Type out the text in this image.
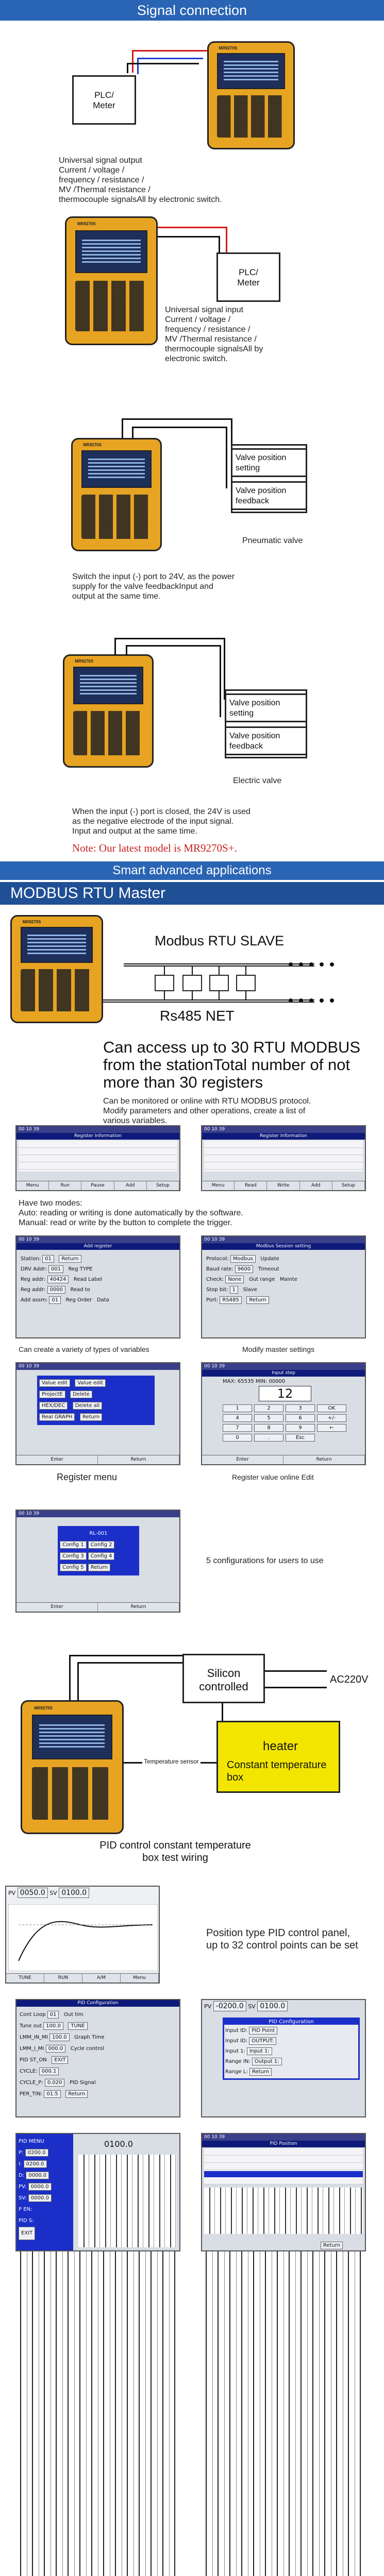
Signal connection
PLC/
Meter
MR9270S
Universal signal output
Current / voltage /
frequency / resistance /
MV /Thermal resistance /
thermocouple signalsAll by electronic switch.
MR9270S
PLC/
Meter
Universal signal input
Current / voltage /
frequency / resistance /
MV /Thermal resistance /
thermocouple signalsAll by
electronic switch.
MR9270S
Valve position
setting
Valve position
feedback
Pneumatic valve
Switch the input (-) port to 24V, as the power
supply for the valve feedbackInput and
output at the same time.
MR9270S
Valve position
setting
Valve position
feedback
Electric valve
When the input (-) port is closed, the 24V is used
as the negative electrode of the input signal.
Input and output at the same time.
Note: Our latest model is MR9270S+.
Smart advanced applications
MODBUS RTU Master
MR9270S
Modbus RTU SLAVE
Rs485 NET
Can access up to 30 RTU MODBUS from the stationTotal number of not more than 30 registers
Can be monitored or online with RTU MODBUS protocol.
Modify parameters and other operations, create a list of
various variables.
00 10 39
Register Information
Menu	Run	Pause	Add	Setup
00 10 39
Register Information
Menu	Read	Write	Add	Setup
Have two modes:
Auto: reading or writing is done automatically by the software.
Manual: read or write by the button to complete the trigger.
00 10 39
Add register
Station: 01 Return
DRV Addr: 001 Reg TYPE
Reg addr: 40424 Read Label
Reg addr: 0000 Read to
Add assm: 01 Reg Order Data
00 10 39
Modbus Session setting
Protocol: Modbus Update
Baud rate: 9600 Timeout
Check: None Out range Mainte
Stop bit: 1 Slave
Port: RS485 Return
Can create a variety of types of variables	Modify master settings
00 10 39
Value edit Value edit
ProjectE Delete
HEX/DEC Delete all
Real GRAPH Return
Enter	Return
00 10 39
Input step
MAX: 65535 MIN: 00000
12
1	2	3	OK
4	5	6	+/-
7	8	9	←
0	.	Esc
Enter	Return
Register menu	Register value online Edit
00 10 39
RL-001
Config 1 Config 2
Config 3 Config 4
Config 5 Return
Enter	Return
5 configurations for users to use
MR9270S
Silicon
controlled
AC220V
heater
Constant temperature
box
Temperature sensor
PID control constant temperature
box test wiring
PV 0050.0 SV 0100.0
TUNE	RUN	A/M	Menu
Position type PID control panel, up to 32 control points can be set
PID Configuration
Cont Loop 01 Out tim
Tune out 100.0 TUNE
LMM_IN_MI 100.0 Graph Time
LMM_I_MI 000.0 Cycle control
PID ST_ON EXIT
CYCLE: 000.1
CYCLE_P: 0.020 PID Signal
PER_TIN: 01.5 Return
PV -0200.0 SV 0100.0
PID Configuration
Input ID: PID Point
Input ID: OUTPUT:
Input 1: Input 1:
Range IN: Output 1:
Range L: Return
PID MENU
P: 0200.0
I: 0200.0
D: 0000.0
PV: 0000.0
SV: 0000.0
P EN:
PID S:
EXIT
0100.0
00 10 39
PID Position
Return
